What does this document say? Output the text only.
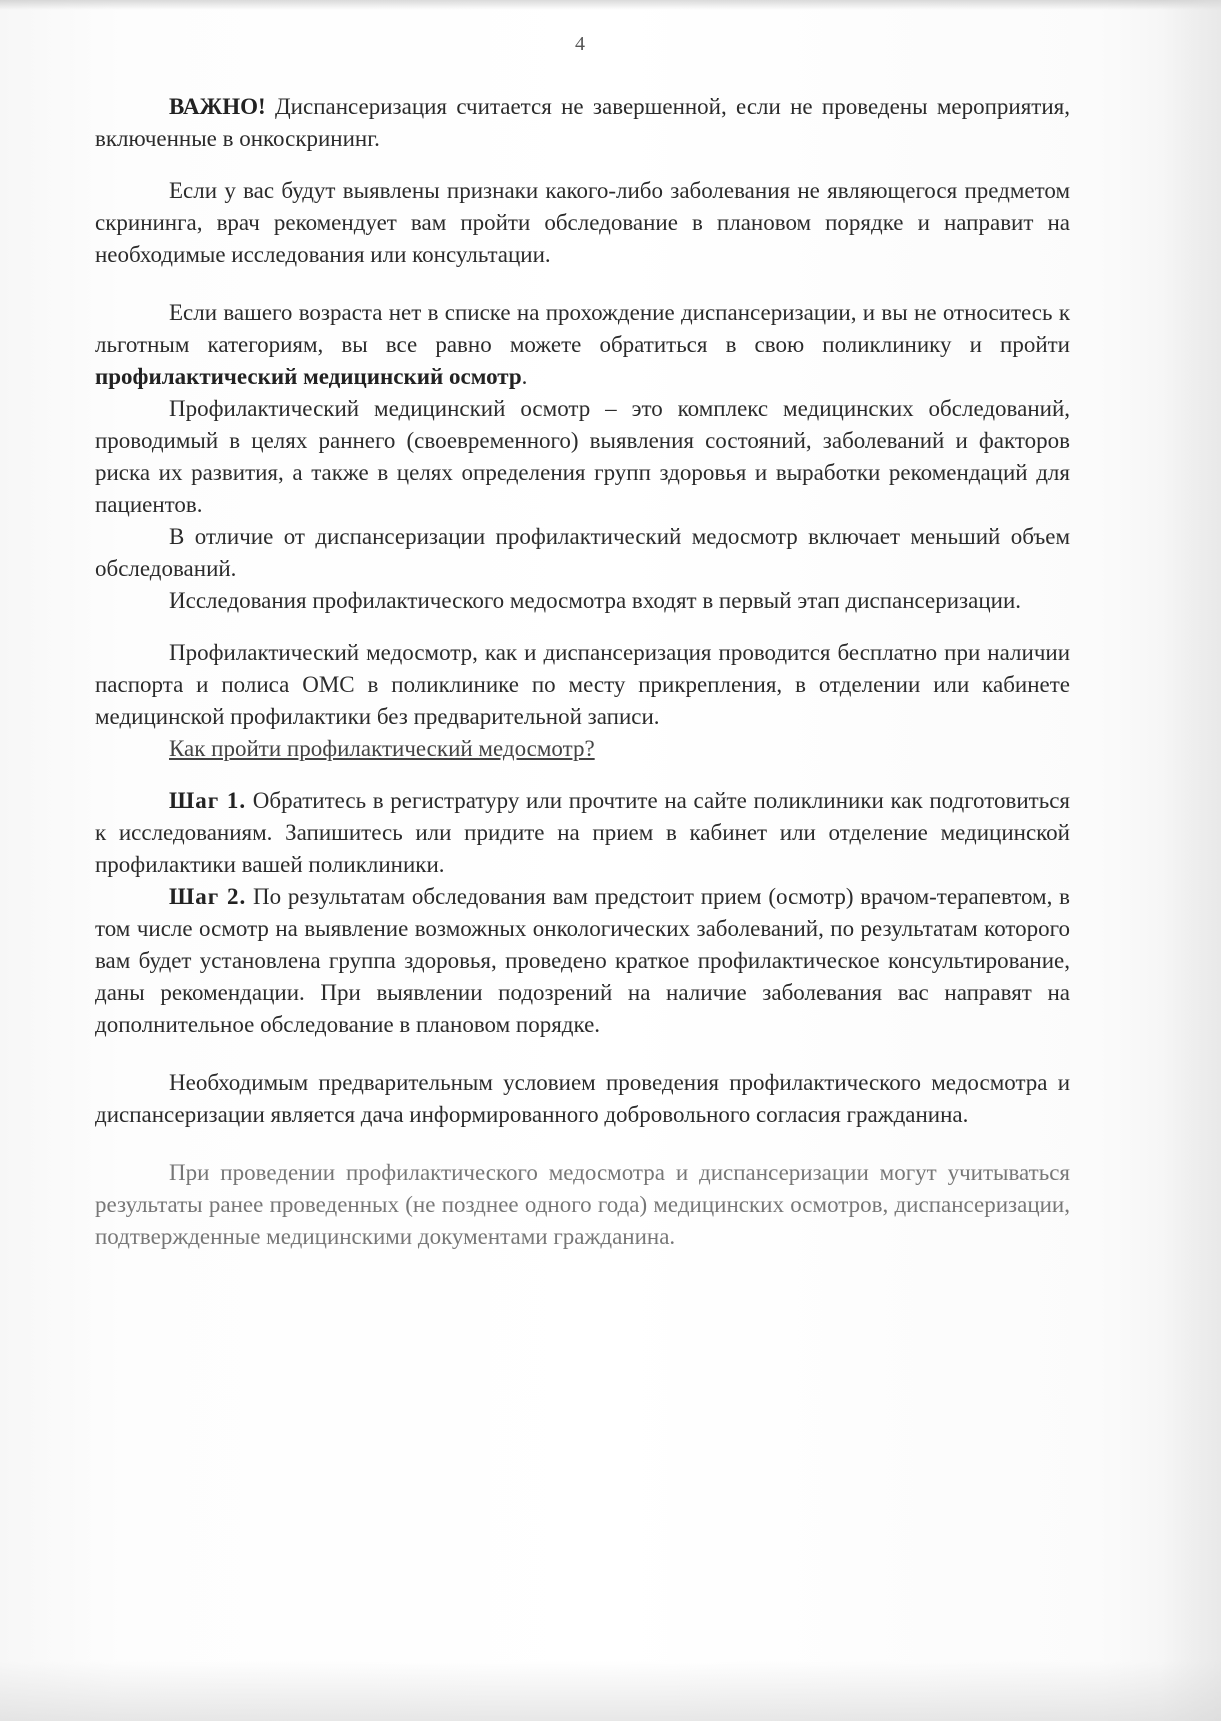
4

ВАЖНО! Диспансеризация считается не завершенной, если не проведены мероприятия, включенные в онкоскрининг.

Если у вас будут выявлены признаки какого-либо заболевания не являющегося предметом скрининга, врач рекомендует вам пройти обследование в плановом порядке и направит на необходимые исследования или консультации.

Если вашего возраста нет в списке на прохождение диспансеризации, и вы не относитесь к льготным категориям, вы все равно можете обратиться в свою поликлинику и пройти профилактический медицинский осмотр.

Профилактический медицинский осмотр – это комплекс медицинских обследований, проводимый в целях раннего (своевременного) выявления состояний, заболеваний и факторов риска их развития, а также в целях определения групп здоровья и выработки рекомендаций для пациентов.

В отличие от диспансеризации профилактический медосмотр включает меньший объем обследований.

Исследования профилактического медосмотра входят в первый этап диспансеризации.

Профилактический медосмотр, как и диспансеризация проводится бесплатно при наличии паспорта и полиса ОМС в поликлинике по месту прикрепления, в отделении или кабинете медицинской профилактики без предварительной записи.

Как пройти профилактический медосмотр?

Шаг 1. Обратитесь в регистратуру или прочтите на сайте поликлиники как подготовиться к исследованиям. Запишитесь или придите на прием в кабинет или отделение медицинской профилактики вашей поликлиники.

Шаг 2. По результатам обследования вам предстоит прием (осмотр) врачом-терапевтом, в том числе осмотр на выявление возможных онкологических заболеваний, по результатам которого вам будет установлена группа здоровья, проведено краткое профилактическое консультирование, даны рекомендации. При выявлении подозрений на наличие заболевания вас направят на дополнительное обследование в плановом порядке.

Необходимым предварительным условием проведения профилактического медосмотра и диспансеризации является дача информированного добровольного согласия гражданина.

При проведении профилактического медосмотра и диспансеризации могут учитываться результаты ранее проведенных (не позднее одного года) медицинских осмотров, диспансеризации, подтвержденные медицинскими документами гражданина.
